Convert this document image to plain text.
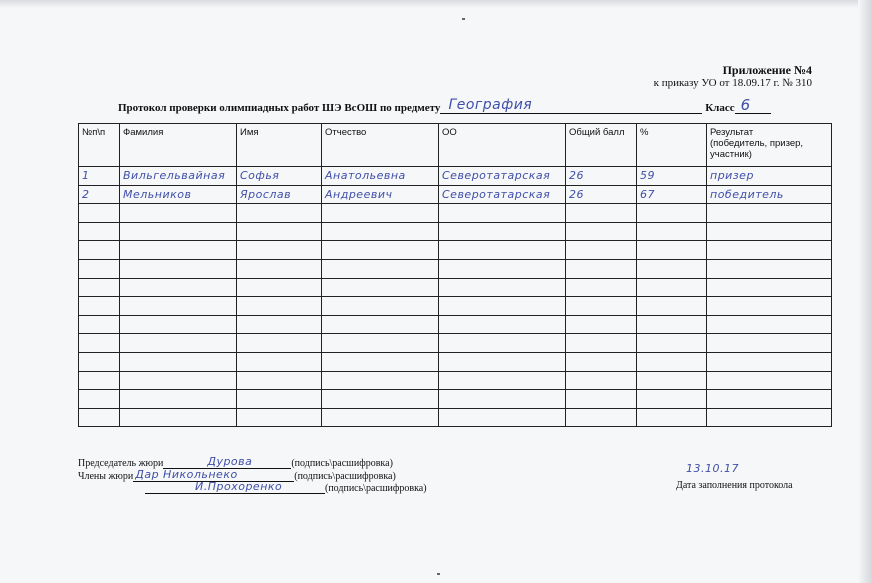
Приложение №4
к приказу УО от 18.09.17 г. № 310
Протокол проверки олимпиадных работ ШЭ ВсОШ по предмету География	Класс 6
№п\п	Фамилия	Имя	Отчество	ОО	Общий балл	%	Результат
(победитель, призер,
участник)

1	Вильгельвайная	Софья	Анатольевна	Северотатарская	26	59	призер

2	Мельников	Ярослав	Андреевич	Северотатарская	26	67	победитель

Председатель жюри	Дурова	(подпись\расшифровка)
Члены жюри Дар Никольнеко	(подпись\расшифровка)
И.Прохоренко	(подпись\расшифровка)
13.10.17
Дата заполнения протокола
